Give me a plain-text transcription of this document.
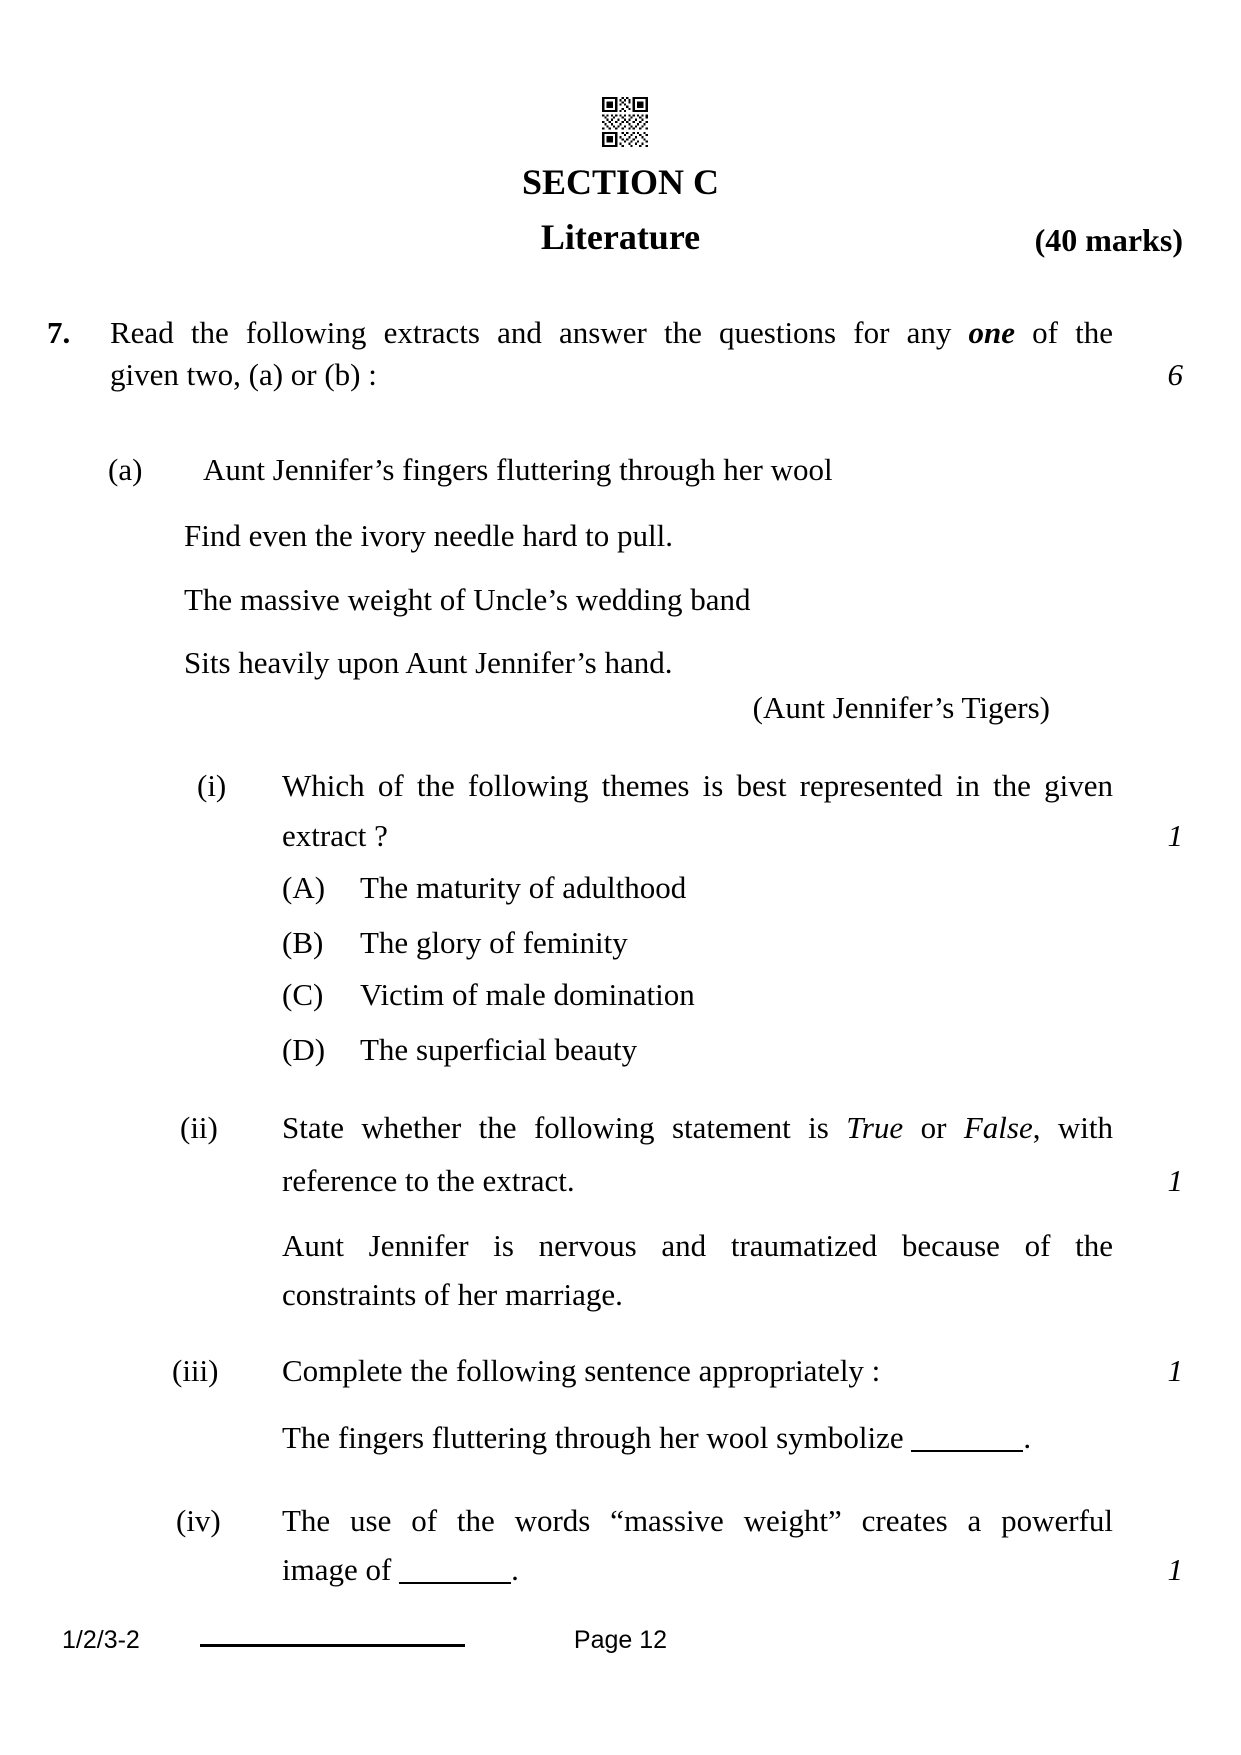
SECTION C
Literature	(40 marks)
7. Read the following extracts and answer the questions for any one of the
given two, (a) or (b) :	6
(a) Aunt Jennifer’s fingers fluttering through her wool
Find even the ivory needle hard to pull.
The massive weight of Uncle’s wedding band
Sits heavily upon Aunt Jennifer’s hand.
(Aunt Jennifer’s Tigers)
(i) Which of the following themes is best represented in the given
extract ?	1
(A) The maturity of adulthood
(B) The glory of feminity
(C) Victim of male domination
(D) The superficial beauty
(ii) State whether the following statement is True or False, with
reference to the extract.	1
Aunt Jennifer is nervous and traumatized because of the
constraints of her marriage.
(iii) Complete the following sentence appropriately :	1
The fingers fluttering through her wool symbolize	.
(iv) The use of the words “massive weight” creates a powerful
image of	.	1
1/2/3-2	Page 12
